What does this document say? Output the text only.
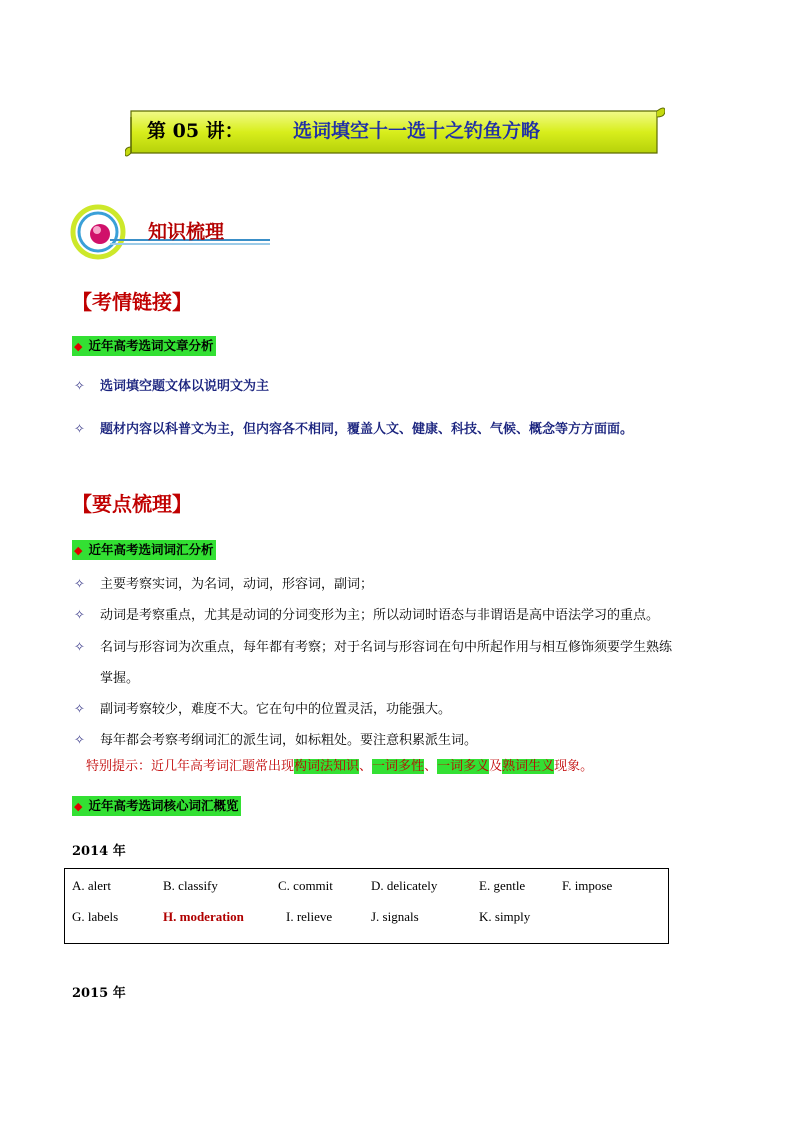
第 05 讲：	选词填空十一选十之钓鱼方略
知识梳理
【考情链接】
◆ 近年高考选词文章分析
✧ 选词填空题文体以说明文为主
✧ 题材内容以科普文为主，但内容各不相同，覆盖人文、健康、科技、气候、概念等方方面面。
【要点梳理】
◆ 近年高考选词词汇分析
✧ 主要考察实词，为名词，动词，形容词，副词；
✧ 动词是考察重点，尤其是动词的分词变形为主；所以动词时语态与非谓语是高中语法学习的重点。
✧ 名词与形容词为次重点，每年都有考察；对于名词与形容词在句中所起作用与相互修饰须要学生熟练
掌握。
✧ 副词考察较少，难度不大。它在句中的位置灵活，功能强大。
✧ 每年都会考察考纲词汇的派生词，如标粗处。要注意积累派生词。
特别提示：近几年高考词汇题常出现构词法知识、一词多性、一词多义及熟词生义现象。
◆ 近年高考选词核心词汇概览
2014 年
A. alert	B. classify	C. commit	D. delicately	E. gentle	F. impose
G. labels	H. moderation	I. relieve	J. signals	K. simply
2015 年
